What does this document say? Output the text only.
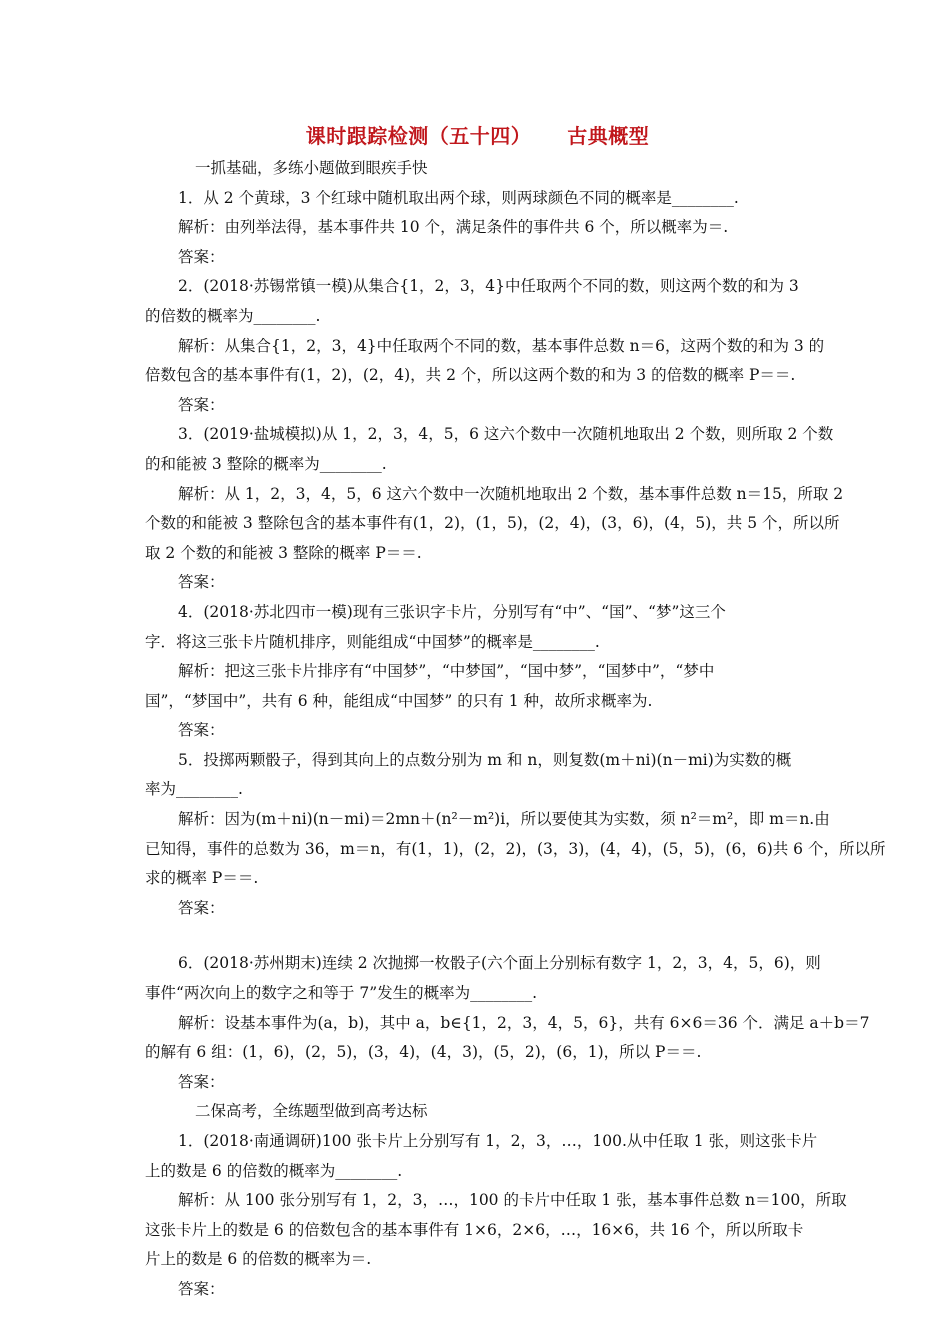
课时跟踪检测（五十四） 古典概型

一抓基础，多练小题做到眼疾手快

1．从 2 个黄球，3 个红球中随机取出两个球，则两球颜色不同的概率是________.

解析：由列举法得，基本事件共 10 个，满足条件的事件共 6 个，所以概率为＝.

答案：

2．(2018·苏锡常镇一模)从集合{1，2，3，4}中任取两个不同的数，则这两个数的和为 3

的倍数的概率为________.

解析：从集合{1，2，3，4}中任取两个不同的数，基本事件总数 n＝6，这两个数的和为 3 的

倍数包含的基本事件有(1，2)，(2，4)，共 2 个，所以这两个数的和为 3 的倍数的概率 P＝＝.

答案：

3．(2019·盐城模拟)从 1，2，3，4，5，6 这六个数中一次随机地取出 2 个数，则所取 2 个数

的和能被 3 整除的概率为________.

解析：从 1，2，3，4，5，6 这六个数中一次随机地取出 2 个数，基本事件总数 n＝15，所取 2

个数的和能被 3 整除包含的基本事件有(1，2)，(1，5)，(2，4)，(3，6)，(4，5)，共 5 个，所以所

取 2 个数的和能被 3 整除的概率 P＝＝.

答案：

4．(2018·苏北四市一模)现有三张识字卡片，分别写有“中”、“国”、“梦”这三个

字．将这三张卡片随机排序，则能组成“中国梦”的概率是________.

解析：把这三张卡片排序有“中国梦”，“中梦国”，“国中梦”，“国梦中”，“梦中

国”，“梦国中”，共有 6 种，能组成“中国梦” 的只有 1 种，故所求概率为.

答案：

5．投掷两颗骰子，得到其向上的点数分别为 m 和 n，则复数(m＋ni)(n－mi)为实数的概

率为________.

解析：因为(m＋ni)(n－mi)＝2mn＋(n²－m²)i，所以要使其为实数，须 n²＝m²，即 m＝n.由

已知得，事件的总数为 36，m＝n，有(1，1)，(2，2)，(3，3)，(4，4)，(5，5)，(6，6)共 6 个，所以所

求的概率 P＝＝.

答案：

6．(2018·苏州期末)连续 2 次抛掷一枚骰子(六个面上分别标有数字 1，2，3，4，5，6)，则

事件“两次向上的数字之和等于 7”发生的概率为________.

解析：设基本事件为(a，b)，其中 a，b∈{1，2，3，4，5，6}，共有 6×6＝36 个．满足 a＋b＝7

的解有 6 组：(1，6)，(2，5)，(3，4)，(4，3)，(5，2)，(6，1)，所以 P＝＝.

答案：

二保高考，全练题型做到高考达标

1．(2018·南通调研)100 张卡片上分别写有 1，2，3，…，100.从中任取 1 张，则这张卡片

上的数是 6 的倍数的概率为________.

解析：从 100 张分别写有 1，2，3，…，100 的卡片中任取 1 张，基本事件总数 n＝100，所取

这张卡片上的数是 6 的倍数包含的基本事件有 1×6，2×6，…，16×6，共 16 个，所以所取卡

片上的数是 6 的倍数的概率为＝.

答案：
